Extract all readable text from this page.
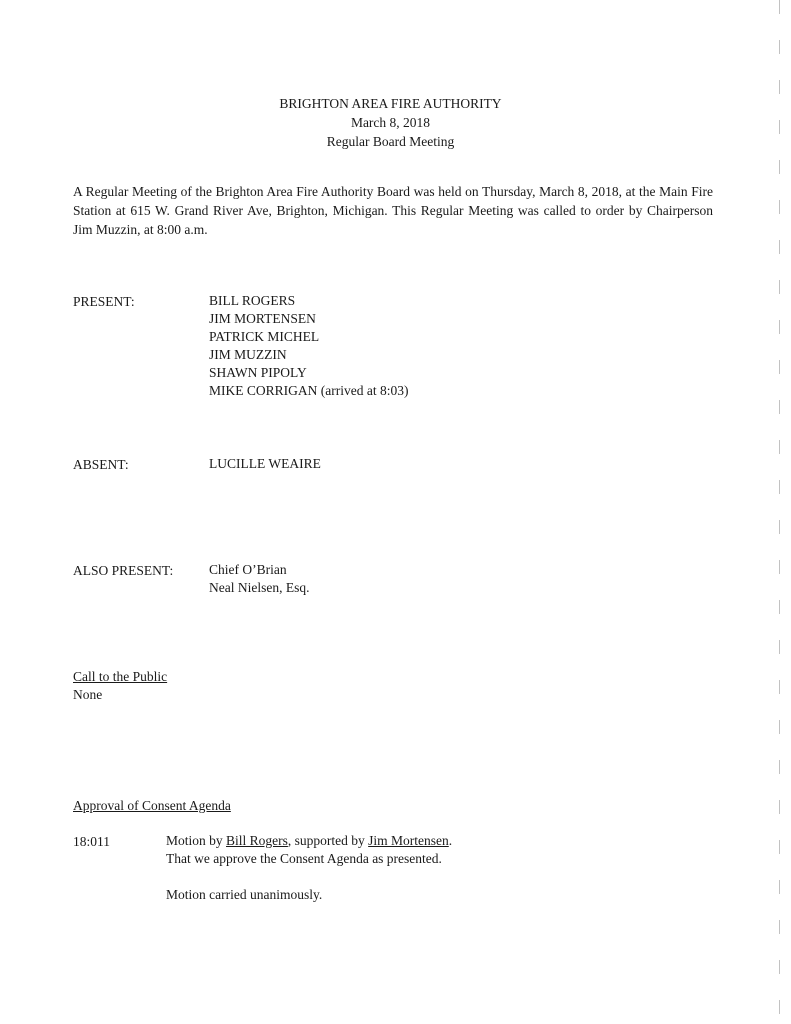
BRIGHTON AREA FIRE AUTHORITY
March 8, 2018
Regular Board Meeting
A Regular Meeting of the Brighton Area Fire Authority Board was held on Thursday, March 8, 2018, at the Main Fire Station at 615 W. Grand River Ave, Brighton, Michigan. This Regular Meeting was called to order by Chairperson Jim Muzzin, at 8:00 a.m.
PRESENT:	BILL ROGERS
JIM MORTENSEN
PATRICK MICHEL
JIM MUZZIN
SHAWN PIPOLY
MIKE CORRIGAN (arrived at 8:03)
ABSENT:	LUCILLE WEAIRE
ALSO PRESENT:	Chief O’Brian
Neal Nielsen, Esq.
Call to the Public
None
Approval of Consent Agenda
18:011	Motion by Bill Rogers, supported by Jim Mortensen.
That we approve the Consent Agenda as presented.
Motion carried unanimously.
